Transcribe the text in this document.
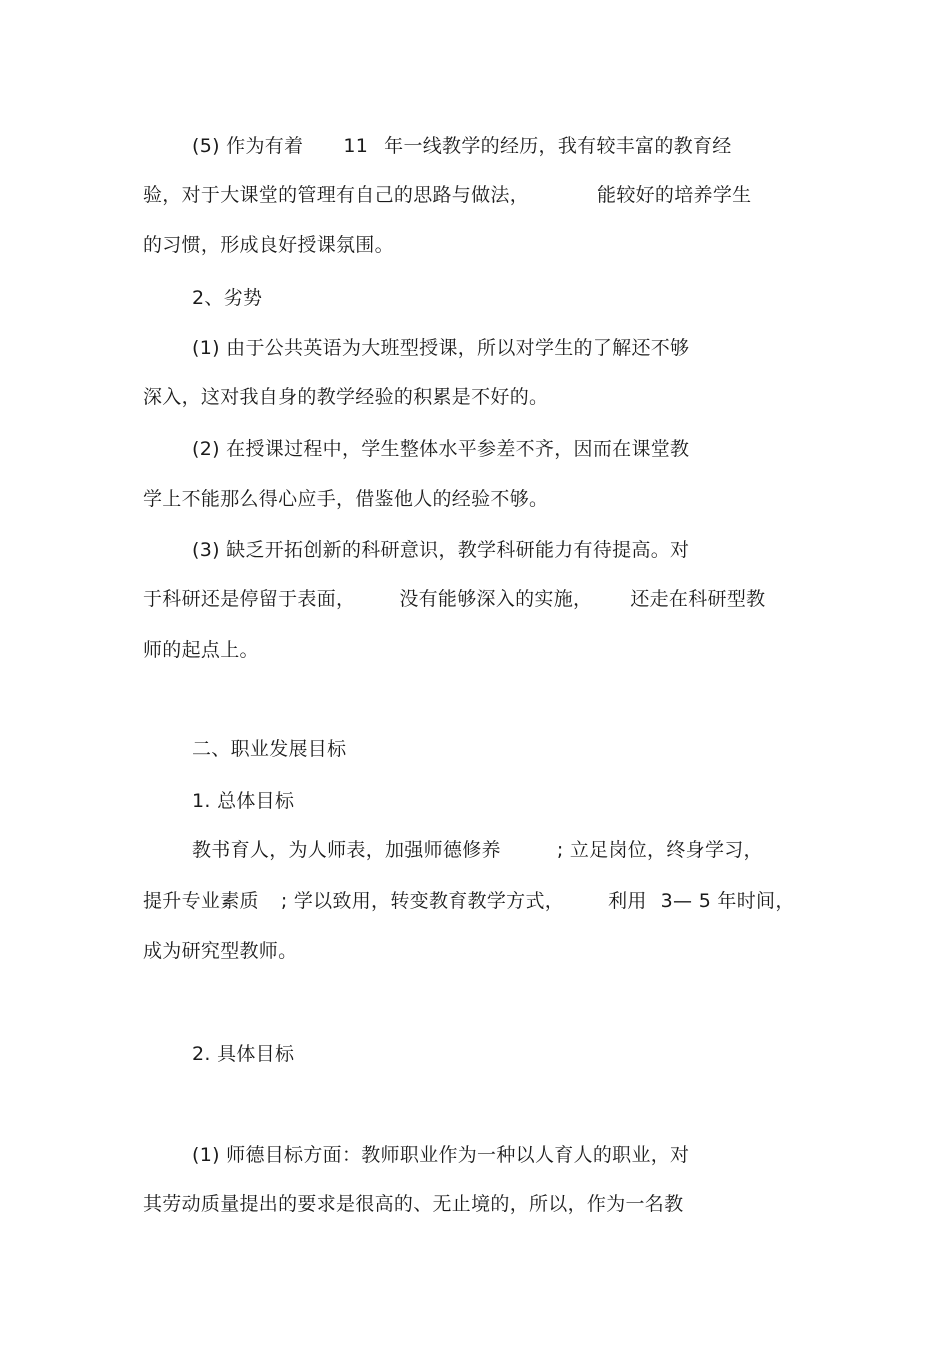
(5) 作为有着 11 年一线教学的经历，我有较丰富的教育经
验，对于大课堂的管理有自己的思路与做法，	能较好的培养学生
的习惯，形成良好授课氛围。
2、劣势
(1) 由于公共英语为大班型授课，所以对学生的了解还不够
深入，这对我自身的教学经验的积累是不好的。
(2) 在授课过程中，学生整体水平参差不齐，因而在课堂教
学上不能那么得心应手，借鉴他人的经验不够。
(3) 缺乏开拓创新的科研意识，教学科研能力有待提高。对
于科研还是停留于表面， 没有能够深入的实施， 还走在科研型教
师的起点上。
二、职业发展目标
1. 总体目标
教书育人，为人师表，加强师德修养	; 立足岗位，终身学习，
提升专业素质 ; 学以致用，转变教育教学方式， 利用 3— 5 年时间，
成为研究型教师。
2. 具体目标
(1) 师德目标方面：教师职业作为一种以人育人的职业，对
其劳动质量提出的要求是很高的、无止境的，所以，作为一名教
